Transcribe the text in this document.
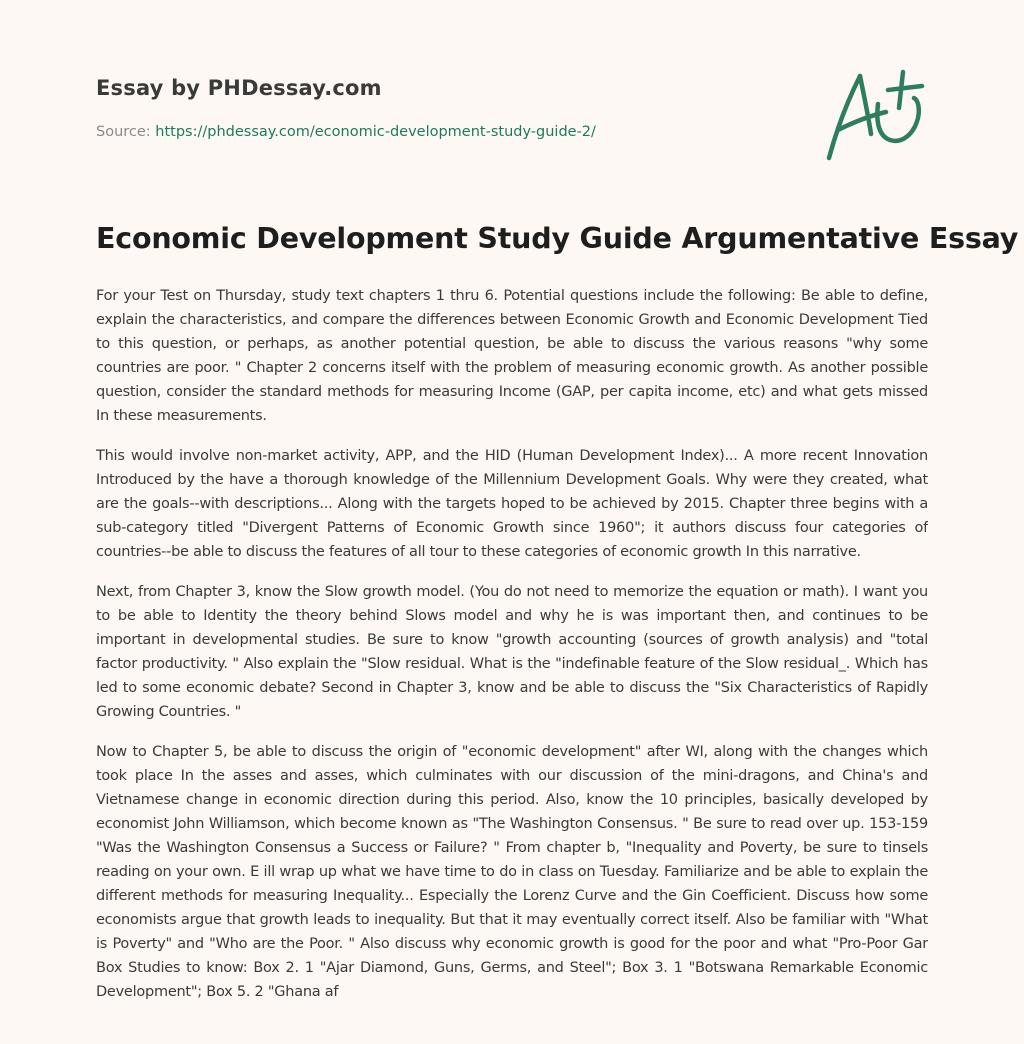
Essay by PHDessay.com
Source: https://phdessay.com/economic-development-study-guide-2/
Economic Development Study Guide Argumentative Essay

For your Test on Thursday, study text chapters 1 thru 6. Potential questions include the following: Be able to define, explain the characteristics, and compare the differences between Economic Growth and Economic Development Tied to this question, or perhaps, as another potential question, be able to discuss the various reasons "why some countries are poor. " Chapter 2 concerns itself with the problem of measuring economic growth. As another possible question, consider the standard methods for measuring Income (GAP, per capita income, etc) and what gets missed In these measurements.

This would involve non-market activity, APP, and the HID (Human Development Index)... A more recent Innovation Introduced by the have a thorough knowledge of the Millennium Development Goals. Why were they created, what are the goals--with descriptions... Along with the targets hoped to be achieved by 2015. Chapter three begins with a sub-category titled "Divergent Patterns of Economic Growth since 1960"; it authors discuss four categories of countries--be able to discuss the features of all tour to these categories of economic growth In this narrative.

Next, from Chapter 3, know the Slow growth model. (You do not need to memorize the equation or math). I want you to be able to Identity the theory behind Slows model and why he is was important then, and continues to be important in developmental studies. Be sure to know "growth accounting (sources of growth analysis) and "total factor productivity. " Also explain the "Slow residual. What is the "indefinable feature of the Slow residual_. Which has led to some economic debate? Second in Chapter 3, know and be able to discuss the "Six Characteristics of Rapidly Growing Countries. "

Now to Chapter 5, be able to discuss the origin of "economic development" after WI, along with the changes which took place In the asses and asses, which culminates with our discussion of the mini-dragons, and China's and Vietnamese change in economic direction during this period. Also, know the 10 principles, basically developed by economist John Williamson, which become known as "The Washington Consensus. " Be sure to read over up. 153-159 "Was the Washington Consensus a Success or Failure? " From chapter b, "Inequality and Poverty, be sure to tinsels reading on your own. E ill wrap up what we have time to do in class on Tuesday. Familiarize and be able to explain the different methods for measuring Inequality... Especially the Lorenz Curve and the Gin Coefficient. Discuss how some economists argue that growth leads to inequality. But that it may eventually correct itself. Also be familiar with "What is Poverty" and "Who are the Poor. " Also discuss why economic growth is good for the poor and what "Pro-Poor Gar Box Studies to know: Box 2. 1 "Ajar Diamond, Guns, Germs, and Steel"; Box 3. 1 "Botswana Remarkable Economic Development"; Box 5. 2 "Ghana af
